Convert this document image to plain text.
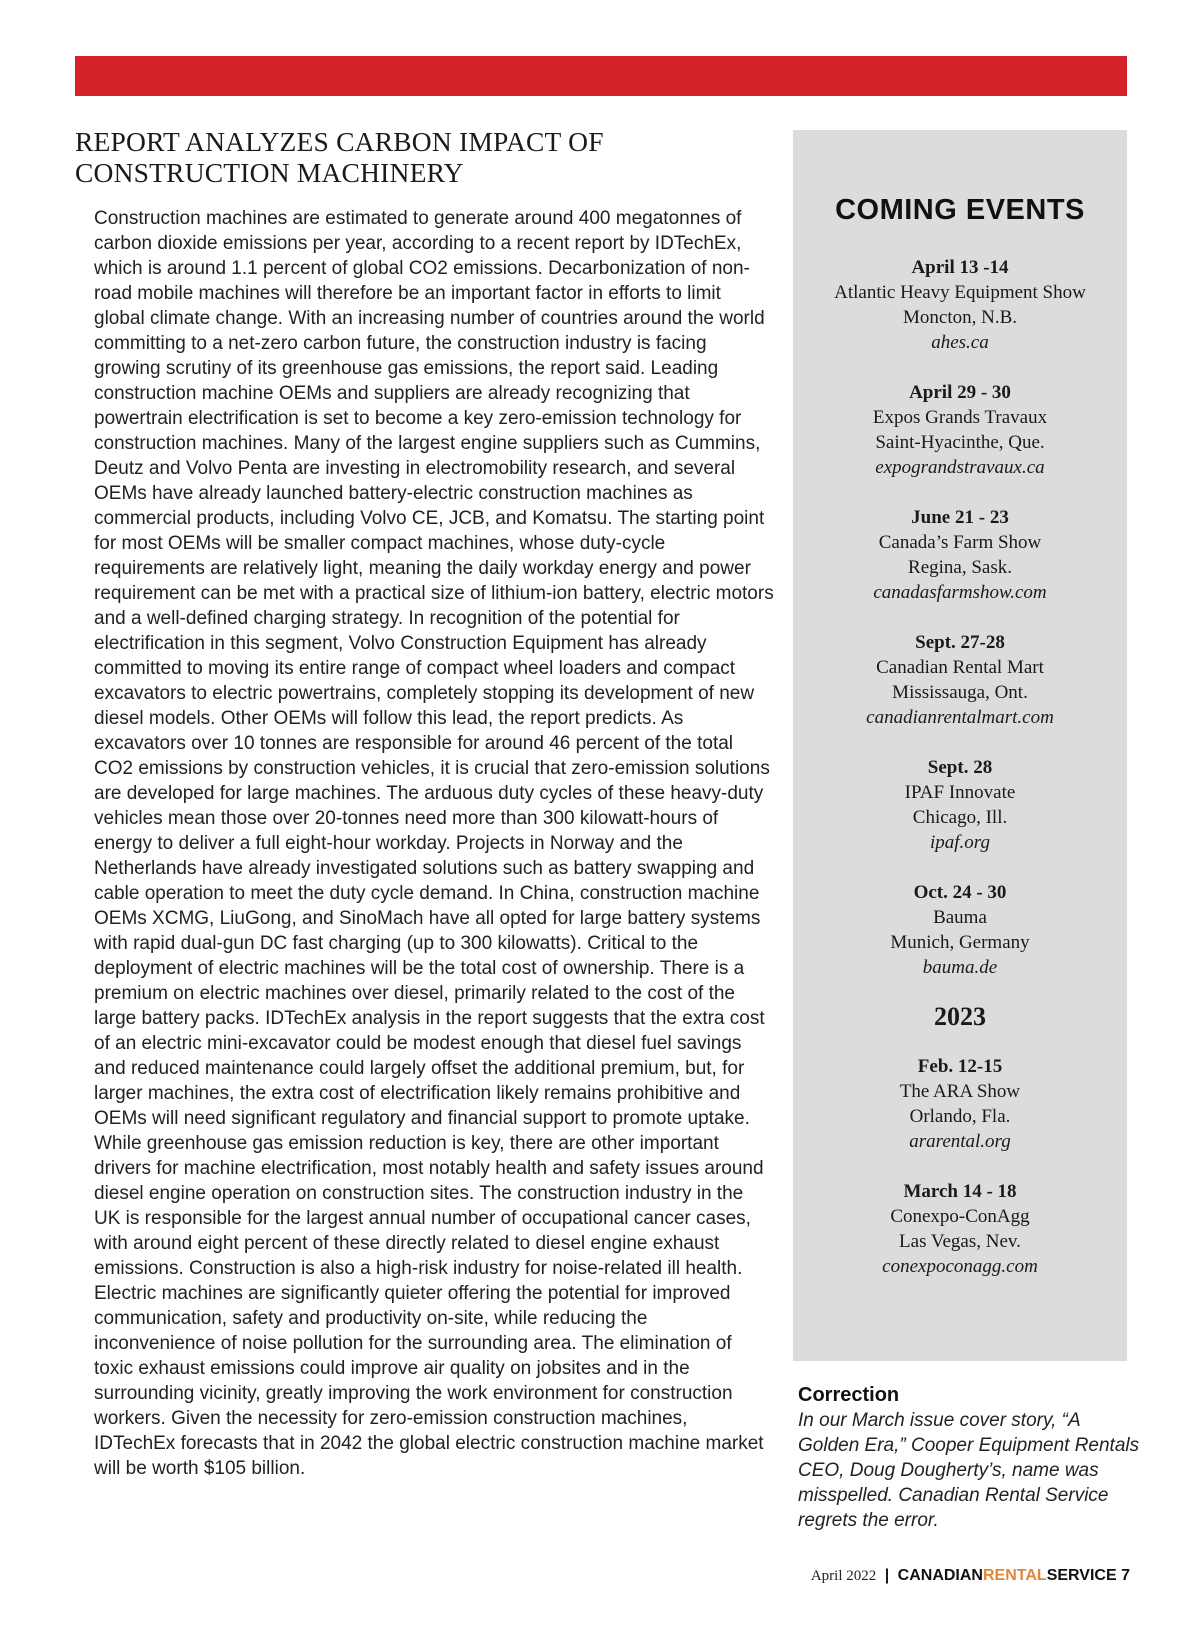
REPORT ANALYZES CARBON IMPACT OF CONSTRUCTION MACHINERY

Construction machines are estimated to generate around 400 megatonnes of carbon dioxide emissions per year, according to a recent report by IDTechEx, which is around 1.1 percent of global CO2 emissions. Decarbonization of non-road mobile machines will therefore be an important factor in efforts to limit global climate change. With an increasing number of countries around the world committing to a net-zero carbon future, the construction industry is facing growing scrutiny of its greenhouse gas emissions, the report said. Leading construction machine OEMs and suppliers are already recognizing that powertrain electrification is set to become a key zero-emission technology for construction machines. Many of the largest engine suppliers such as Cummins, Deutz and Volvo Penta are investing in electromobility research, and several OEMs have already launched battery-electric construction machines as commercial products, including Volvo CE, JCB, and Komatsu. The starting point for most OEMs will be smaller compact machines, whose duty-cycle requirements are relatively light, meaning the daily workday energy and power requirement can be met with a practical size of lithium-ion battery, electric motors and a well-defined charging strategy. In recognition of the potential for electrification in this segment, Volvo Construction Equipment has already committed to moving its entire range of compact wheel loaders and compact excavators to electric powertrains, completely stopping its development of new diesel models. Other OEMs will follow this lead, the report predicts. As excavators over 10 tonnes are responsible for around 46 percent of the total CO2 emissions by construction vehicles, it is crucial that zero-emission solutions are developed for large machines. The arduous duty cycles of these heavy-duty vehicles mean those over 20-tonnes need more than 300 kilowatt-hours of energy to deliver a full eight-hour workday. Projects in Norway and the Netherlands have already investigated solutions such as battery swapping and cable operation to meet the duty cycle demand. In China, construction machine OEMs XCMG, LiuGong, and SinoMach have all opted for large battery systems with rapid dual-gun DC fast charging (up to 300 kilowatts). Critical to the deployment of electric machines will be the total cost of ownership. There is a premium on electric machines over diesel, primarily related to the cost of the large battery packs. IDTechEx analysis in the report suggests that the extra cost of an electric mini-excavator could be modest enough that diesel fuel savings and reduced maintenance could largely offset the additional premium, but, for larger machines, the extra cost of electrification likely remains prohibitive and OEMs will need significant regulatory and financial support to promote uptake. While greenhouse gas emission reduction is key, there are other important drivers for machine electrification, most notably health and safety issues around diesel engine operation on construction sites. The construction industry in the UK is responsible for the largest annual number of occupational cancer cases, with around eight percent of these directly related to diesel engine exhaust emissions. Construction is also a high-risk industry for noise-related ill health. Electric machines are significantly quieter offering the potential for improved communication, safety and productivity on-site, while reducing the inconvenience of noise pollution for the surrounding area. The elimination of toxic exhaust emissions could improve air quality on jobsites and in the surrounding vicinity, greatly improving the work environment for construction workers. Given the necessity for zero-emission construction machines, IDTechEx forecasts that in 2042 the global electric construction machine market will be worth $105 billion.

COMING EVENTS
April 13 -14
Atlantic Heavy Equipment Show
Moncton, N.B.
ahes.ca
April 29 - 30
Expos Grands Travaux
Saint-Hyacinthe, Que.
expograndstravaux.ca
June 21 - 23
Canada’s Farm Show
Regina, Sask.
canadasfarmshow.com
Sept. 27-28
Canadian Rental Mart
Mississauga, Ont.
canadianrentalmart.com
Sept. 28
IPAF Innovate
Chicago, Ill.
ipaf.org
Oct. 24 - 30
Bauma
Munich, Germany
bauma.de
2023
Feb. 12-15
The ARA Show
Orlando, Fla.
ararental.org
March 14 - 18
Conexpo-ConAgg
Las Vegas, Nev.
conexpoconagg.com

Correction

In our March issue cover story, “A Golden Era,” Cooper Equipment Rentals CEO, Doug Dougherty’s, name was misspelled. Canadian Rental Service regrets the error.

April 2022 | CANADIANRENTALSERVICE 7
